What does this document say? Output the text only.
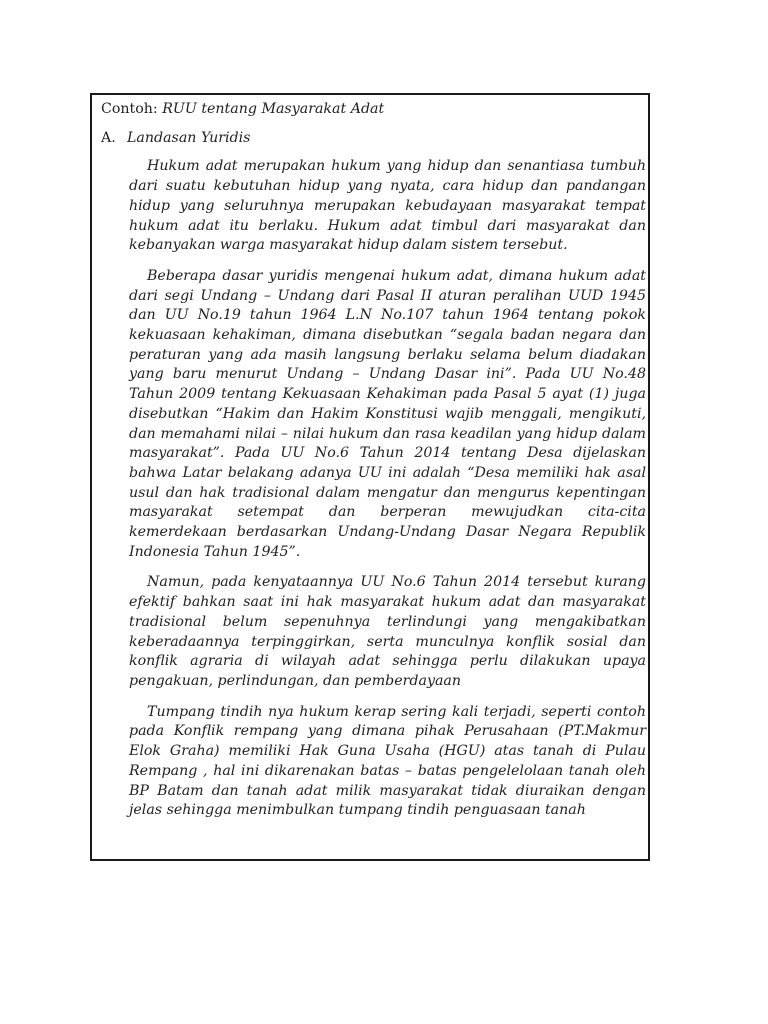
Contoh: RUU tentang Masyarakat Adat
A. Landasan Yuridis

Hukum adat merupakan hukum yang hidup dan senantiasa tumbuh dari suatu kebutuhan hidup yang nyata, cara hidup dan pandangan hidup yang seluruhnya merupakan kebudayaan masyarakat tempat hukum adat itu berlaku. Hukum adat timbul dari masyarakat dan kebanyakan warga masyarakat hidup dalam sistem tersebut.

Beberapa dasar yuridis mengenai hukum adat, dimana hukum adat dari segi Undang – Undang dari Pasal II aturan peralihan UUD 1945 dan UU No.19 tahun 1964 L.N No.107 tahun 1964 tentang pokok kekuasaan kehakiman, dimana disebutkan “segala badan negara dan peraturan yang ada masih langsung berlaku selama belum diadakan yang baru menurut Undang – Undang Dasar ini”. Pada UU No.48 Tahun 2009 tentang Kekuasaan Kehakiman pada Pasal 5 ayat (1) juga disebutkan “Hakim dan Hakim Konstitusi wajib menggali, mengikuti, dan memahami nilai – nilai hukum dan rasa keadilan yang hidup dalam masyarakat”. Pada UU No.6 Tahun 2014 tentang Desa dijelaskan bahwa Latar belakang adanya UU ini adalah “Desa memiliki hak asal usul dan hak tradisional dalam mengatur dan mengurus kepentingan masyarakat setempat dan berperan mewujudkan cita-cita kemerdekaan berdasarkan Undang-Undang Dasar Negara Republik Indonesia Tahun 1945”.

Namun, pada kenyataannya UU No.6 Tahun 2014 tersebut kurang efektif bahkan saat ini hak masyarakat hukum adat dan masyarakat tradisional belum sepenuhnya terlindungi yang mengakibatkan keberadaannya terpinggirkan, serta munculnya konflik sosial dan konflik agraria di wilayah adat sehingga perlu dilakukan upaya pengakuan, perlindungan, dan pemberdayaan

Tumpang tindih nya hukum kerap sering kali terjadi, seperti contoh pada Konflik rempang yang dimana pihak Perusahaan (PT.Makmur Elok Graha) memiliki Hak Guna Usaha (HGU) atas tanah di Pulau Rempang , hal ini dikarenakan batas – batas pengelelolaan tanah oleh BP Batam dan tanah adat milik masyarakat tidak diuraikan dengan jelas sehingga menimbulkan tumpang tindih penguasaan tanah
